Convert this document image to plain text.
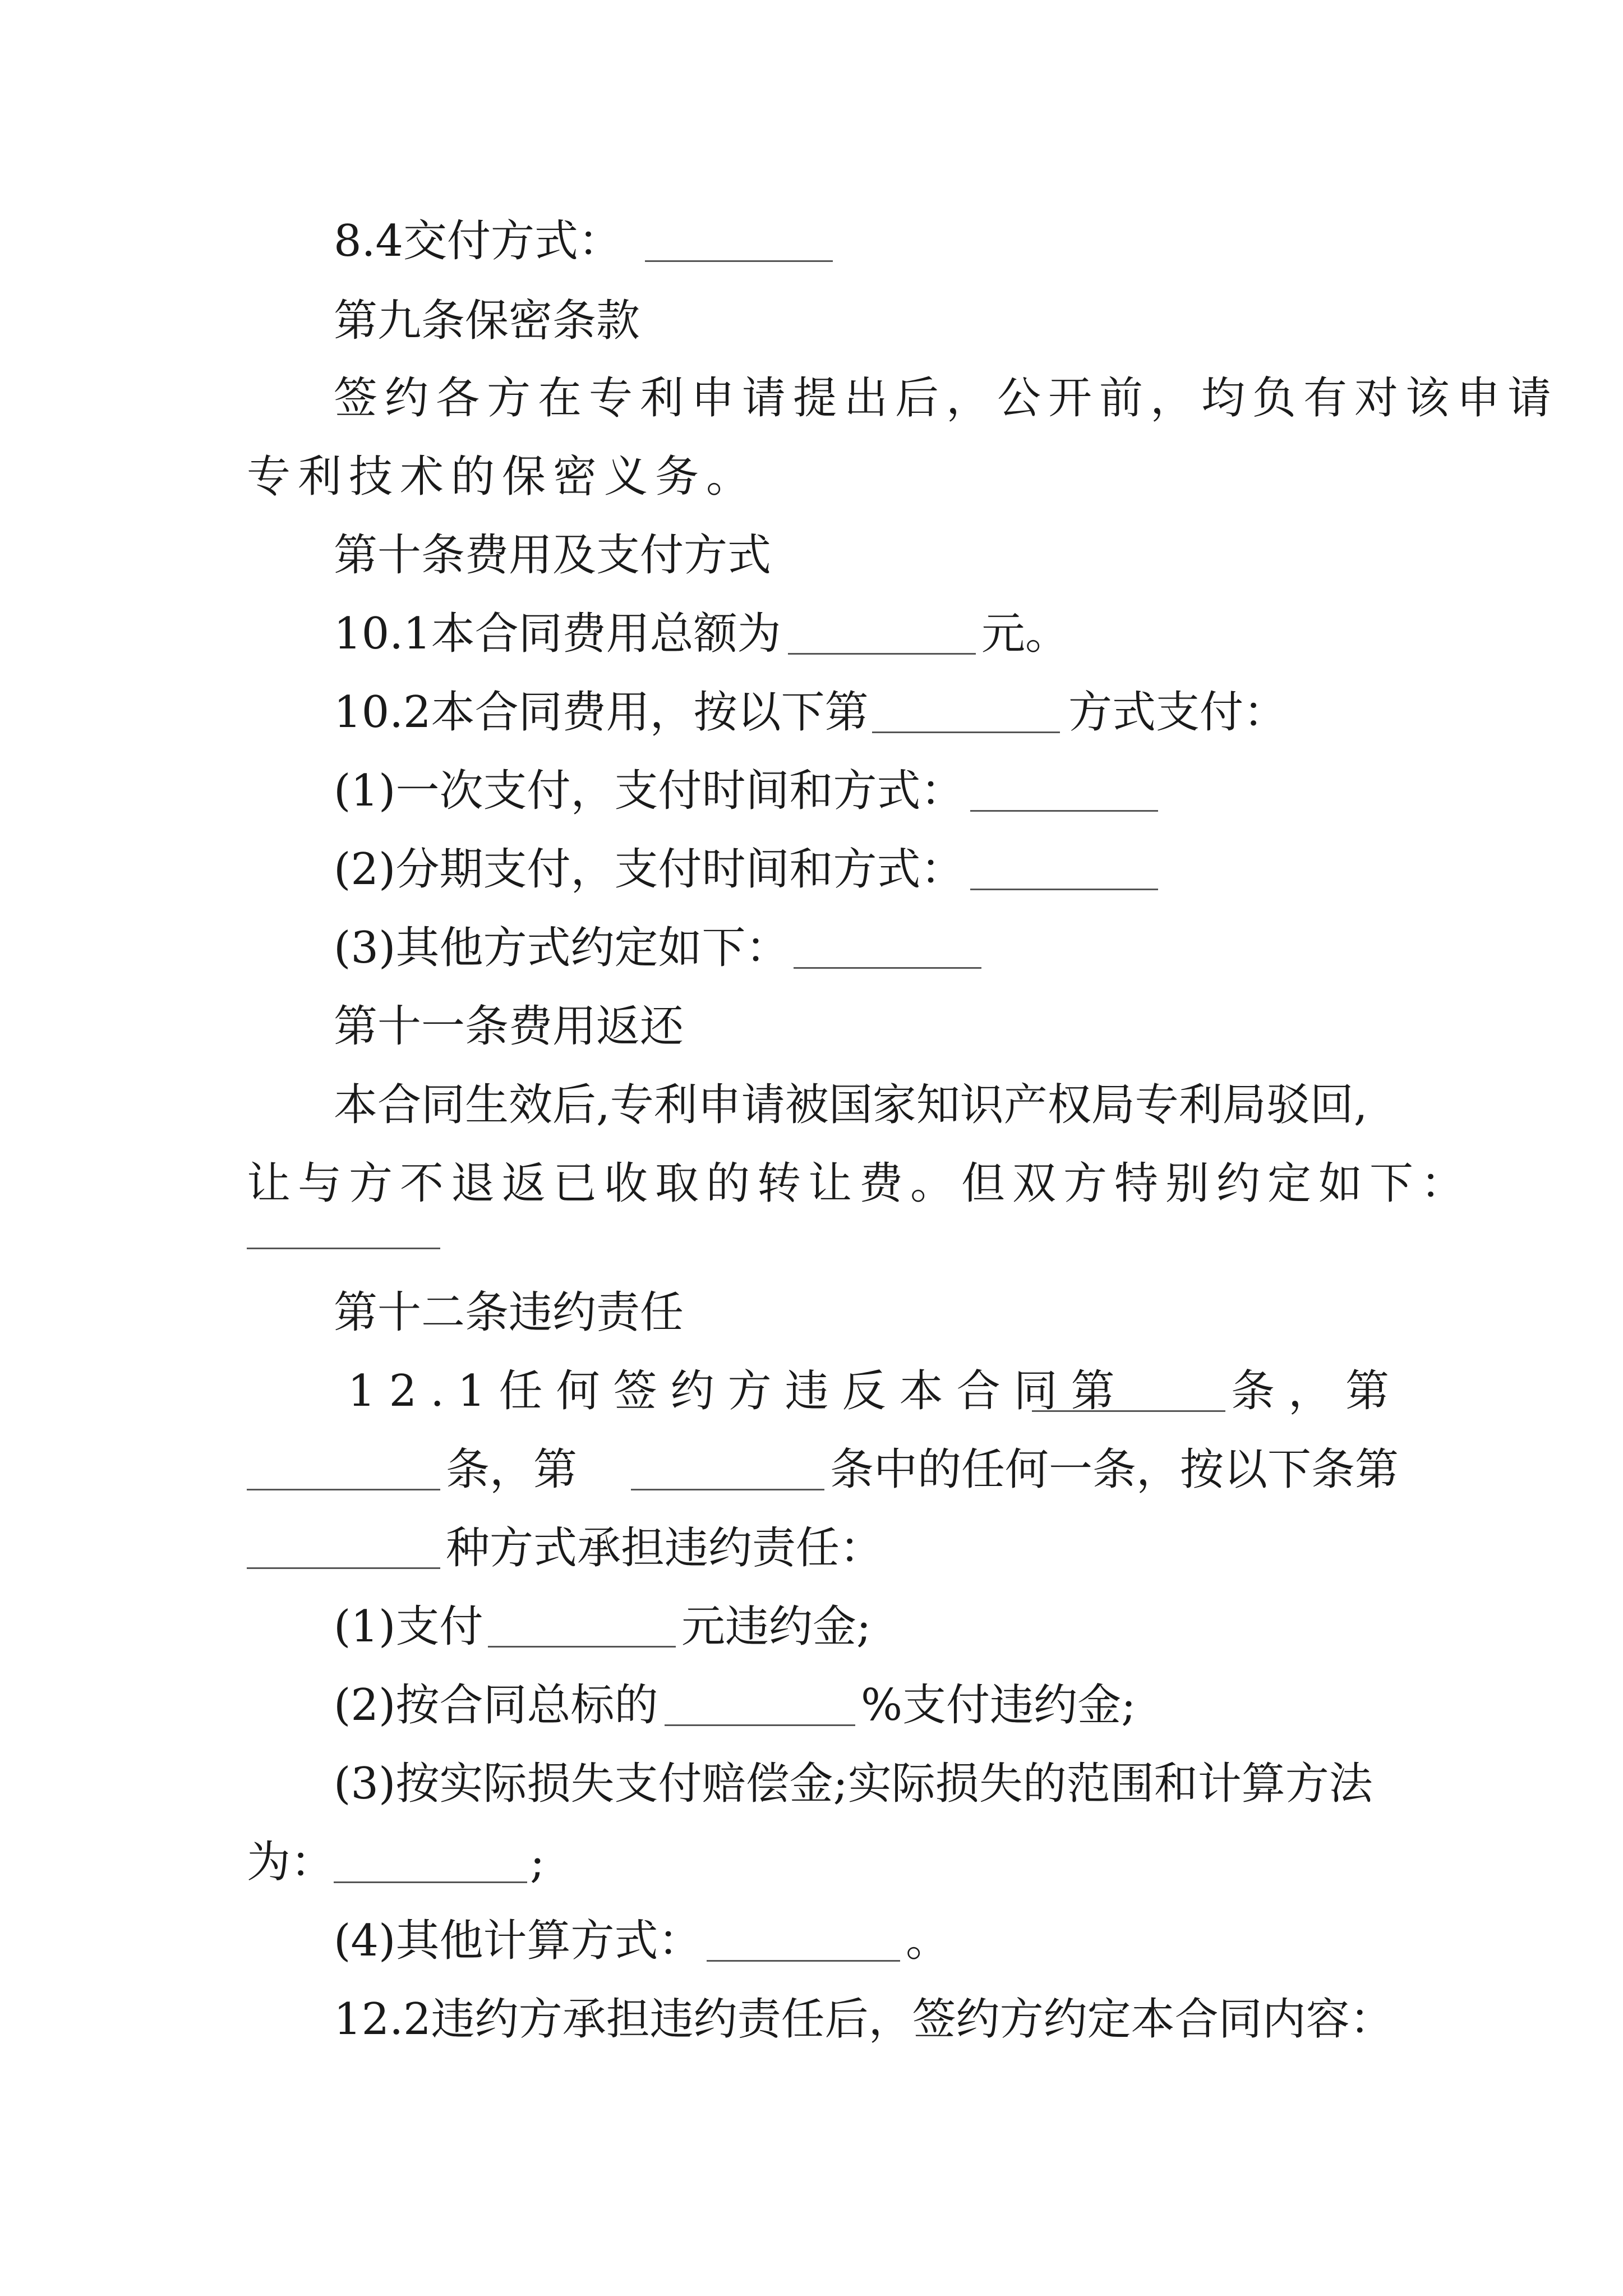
8.4交付方式：
第九条保密条款
签约各方在专利申请提出后，公开前，均负有对该申请
专利技术的保密义务。
第十条费用及支付方式
10.1本合同费用总额为	元。
10.2本合同费用，按以下第	方式支付：
(1)一次支付，支付时间和方式：
(2)分期支付，支付时间和方式：
(3)其他方式约定如下：
第十一条费用返还
本合同生效后,专利申请被国家知识产权局专利局驳回,
让与方不退返已收取的转让费。但双方特别约定如下：
第十二条违约责任
12.1任何签约方违反本合同第 条，第
条，第	条中的任何一条，按以下条第
种方式承担违约责任：
(1)支付	元违约金;
(2)按合同总标的	%支付违约金;
(3)按实际损失支付赔偿金;实际损失的范围和计算方法
为：	;
(4)其他计算方式：	。
12.2违约方承担违约责任后，签约方约定本合同内容：
